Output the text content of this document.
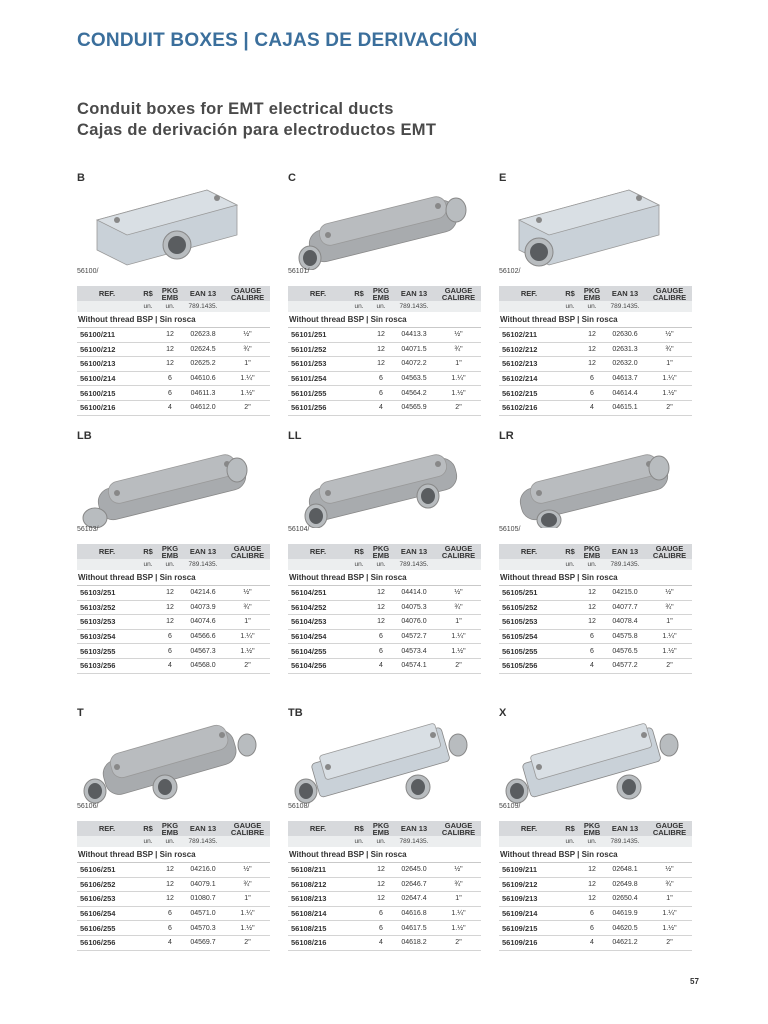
CONDUIT BOXES | CAJAS DE DERIVACIÓN
Conduit boxes for EMT electrical ducts
Cajas de derivación para electroductos EMT
B
56100/
REF.	R$	PKG
EMB	EAN 13	GAUGE
CALIBRE
	un.	un.	789.1435.	
Without thread BSP | Sin rosca				
56100/211		12	02623.8	½"
56100/212		12	02624.5	¾"
56100/213		12	02625.2	1"
56100/214		6	04610.6	1.¼"
56100/215		6	04611.3	1.½"
56100/216		4	04612.0	2"
C
56101/
REF.	R$	PKG
EMB	EAN 13	GAUGE
CALIBRE
	un.	un.	789.1435.	
Without thread BSP | Sin rosca				
56101/251		12	04413.3	½"
56101/252		12	04071.5	¾"
56101/253		12	04072.2	1"
56101/254		6	04563.5	1.¼"
56101/255		6	04564.2	1.½"
56101/256		4	04565.9	2"
E
56102/
REF.	R$	PKG
EMB	EAN 13	GAUGE
CALIBRE
	un.	un.	789.1435.	
Without thread BSP | Sin rosca				
56102/211		12	02630.6	½"
56102/212		12	02631.3	¾"
56102/213		12	02632.0	1"
56102/214		6	04613.7	1.¼"
56102/215		6	04614.4	1.½"
56102/216		4	04615.1	2"
LB
56103/
REF.	R$	PKG
EMB	EAN 13	GAUGE
CALIBRE
	un.	un.	789.1435.	
Without thread BSP | Sin rosca				
56103/251		12	04214.6	½"
56103/252		12	04073.9	¾"
56103/253		12	04074.6	1"
56103/254		6	04566.6	1.¼"
56103/255		6	04567.3	1.½"
56103/256		4	04568.0	2"
LL
56104/
REF.	R$	PKG
EMB	EAN 13	GAUGE
CALIBRE
	un.	un.	789.1435.	
Without thread BSP | Sin rosca				
56104/251		12	04414.0	½"
56104/252		12	04075.3	¾"
56104/253		12	04076.0	1"
56104/254		6	04572.7	1.¼"
56104/255		6	04573.4	1.½"
56104/256		4	04574.1	2"
LR
56105/
REF.	R$	PKG
EMB	EAN 13	GAUGE
CALIBRE
	un.	un.	789.1435.	
Without thread BSP | Sin rosca				
56105/251		12	04215.0	½"
56105/252		12	04077.7	¾"
56105/253		12	04078.4	1"
56105/254		6	04575.8	1.¼"
56105/255		6	04576.5	1.½"
56105/256		4	04577.2	2"
T
56106/
REF.	R$	PKG
EMB	EAN 13	GAUGE
CALIBRE
	un.	un.	789.1435.	
Without thread BSP | Sin rosca				
56106/251		12	04216.0	½"
56106/252		12	04079.1	¾"
56106/253		12	01080.7	1"
56106/254		6	04571.0	1.¼"
56106/255		6	04570.3	1.½"
56106/256		4	04569.7	2"
TB
56108/
REF.	R$	PKG
EMB	EAN 13	GAUGE
CALIBRE
	un.	un.	789.1435.	
Without thread BSP | Sin rosca				
56108/211		12	02645.0	½"
56108/212		12	02646.7	¾"
56108/213		12	02647.4	1"
56108/214		6	04616.8	1.¼"
56108/215		6	04617.5	1.½"
56108/216		4	04618.2	2"
X
56109/
REF.	R$	PKG
EMB	EAN 13	GAUGE
CALIBRE
	un.	un.	789.1435.	
Without thread BSP | Sin rosca				
56109/211		12	02648.1	½"
56109/212		12	02649.8	¾"
56109/213		12	02650.4	1"
56109/214		6	04619.9	1.¼"
56109/215		6	04620.5	1.½"
56109/216		4	04621.2	2"
57
